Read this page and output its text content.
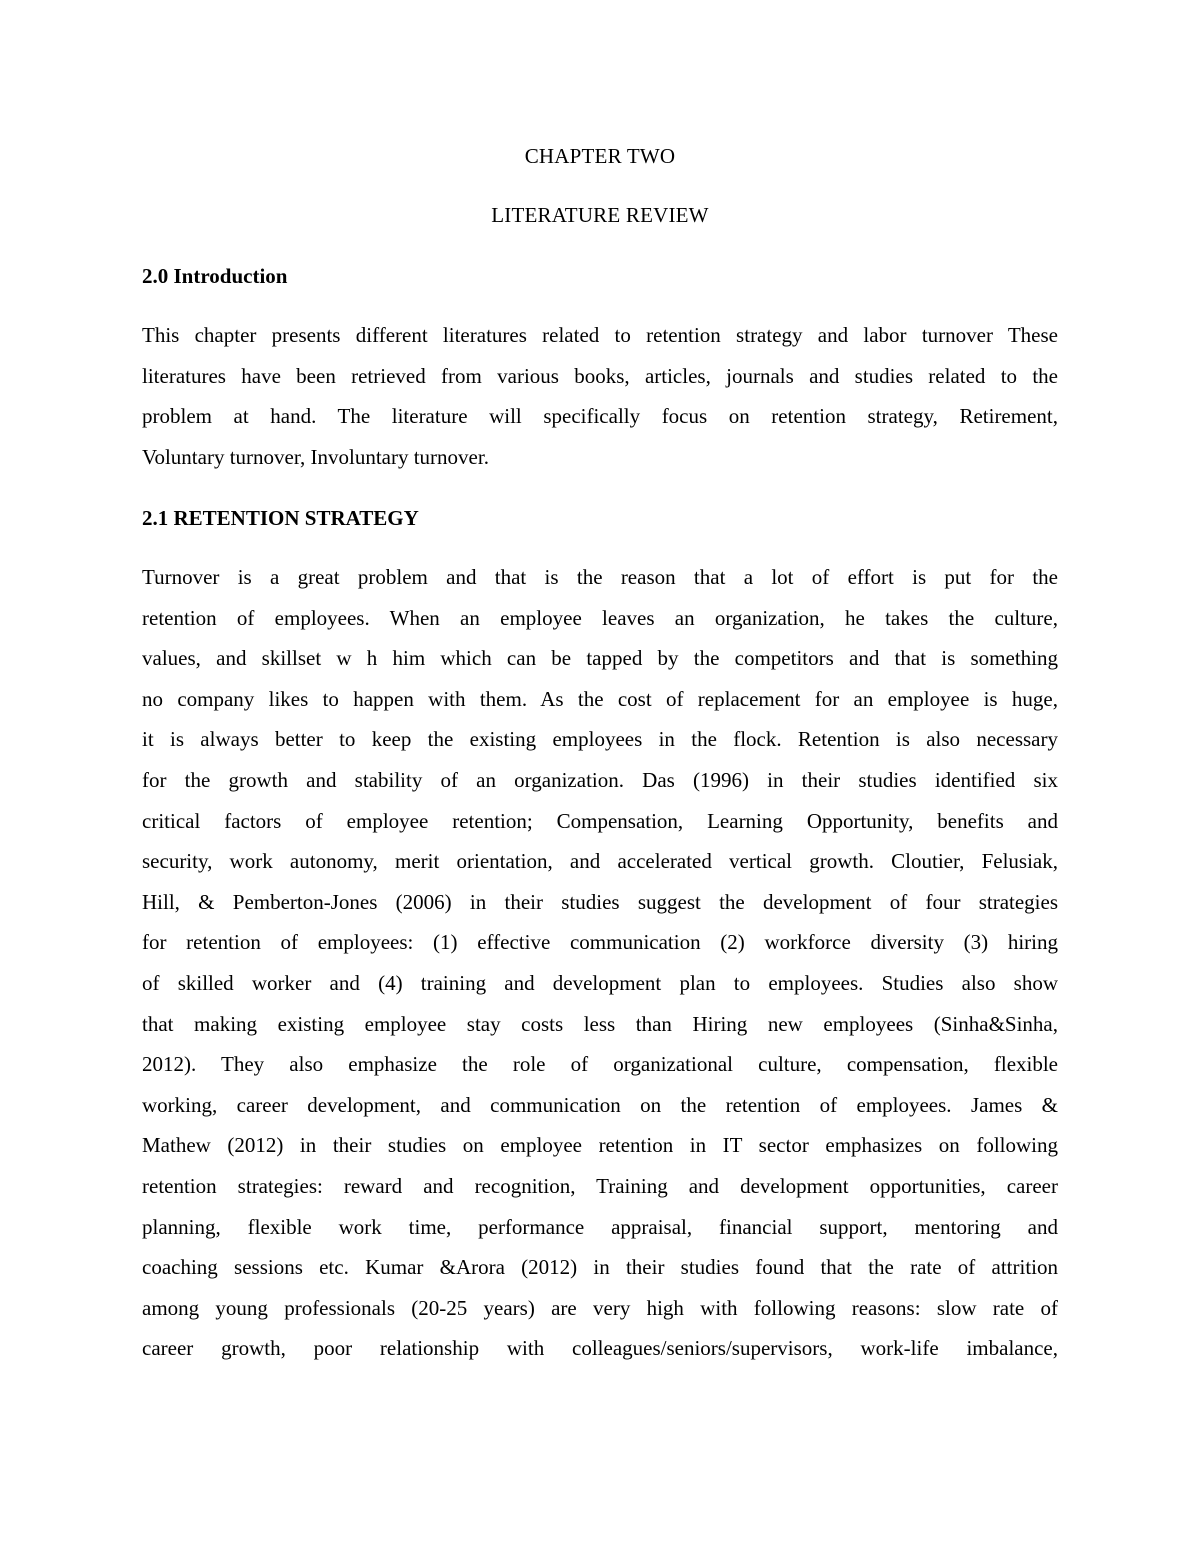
CHAPTER TWO
LITERATURE REVIEW
2.0 Introduction
This chapter presents different literatures related to retention strategy and labor turnover These
literatures have been retrieved from various books, articles, journals and studies related to the
problem at hand. The literature will specifically focus on retention strategy, Retirement,
Voluntary turnover, Involuntary turnover.
2.1 RETENTION STRATEGY
Turnover is a great problem and that is the reason that a lot of effort is put for the
retention of employees. When an employee leaves an organization, he takes the culture,
values, and skillset w h him which can be tapped by the competitors and that is something
no company likes to happen with them. As the cost of replacement for an employee is huge,
it is always better to keep the existing employees in the flock. Retention is also necessary
for the growth and stability of an organization. Das (1996) in their studies identified six
critical factors of employee retention; Compensation, Learning Opportunity, benefits and
security, work autonomy, merit orientation, and accelerated vertical growth. Cloutier, Felusiak,
Hill, & Pemberton-Jones (2006) in their studies suggest the development of four strategies
for retention of employees: (1) effective communication (2) workforce diversity (3) hiring
of skilled worker and (4) training and development plan to employees. Studies also show
that making existing employee stay costs less than Hiring new employees (Sinha&Sinha,
2012). They also emphasize the role of organizational culture, compensation, flexible
working, career development, and communication on the retention of employees. James &
Mathew (2012) in their studies on employee retention in IT sector emphasizes on following
retention strategies: reward and recognition, Training and development opportunities, career
planning, flexible work time, performance appraisal, financial support, mentoring and
coaching sessions etc. Kumar &Arora (2012) in their studies found that the rate of attrition
among young professionals (20-25 years) are very high with following reasons: slow rate of
career growth, poor relationship with colleagues/seniors/supervisors, work-life imbalance,
